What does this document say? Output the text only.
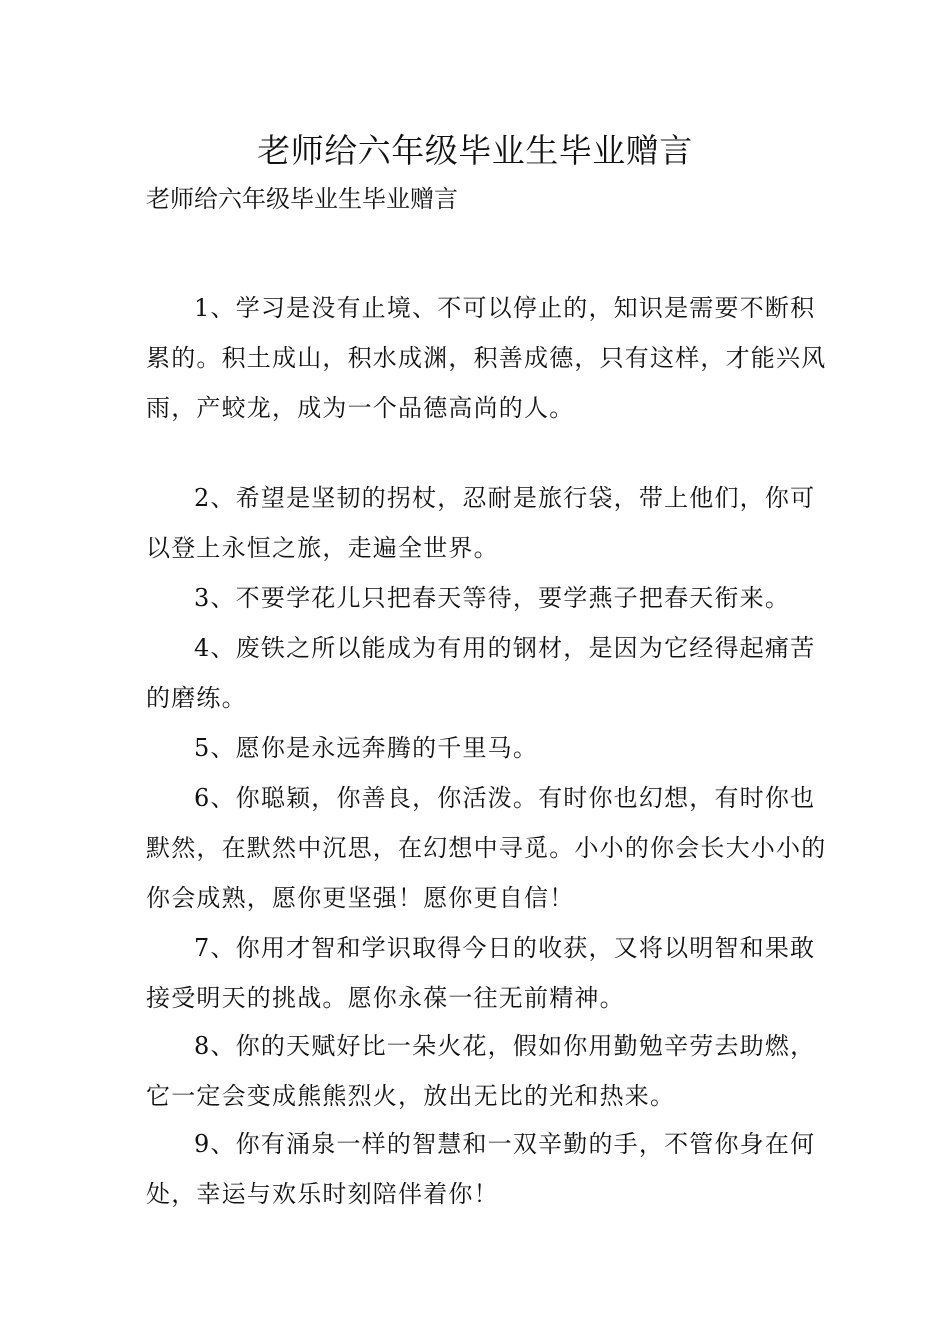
老师给六年级毕业生毕业赠言

老师给六年级毕业生毕业赠言

1、学习是没有止境、不可以停止的，知识是需要不断积累的。积土成山，积水成渊，积善成德，只有这样，才能兴风雨，产蛟龙，成为一个品德高尚的人。

2、希望是坚韧的拐杖，忍耐是旅行袋，带上他们，你可以登上永恒之旅，走遍全世界。

3、不要学花儿只把春天等待，要学燕子把春天衔来。

4、废铁之所以能成为有用的钢材，是因为它经得起痛苦的磨练。

5、愿你是永远奔腾的千里马。

6、你聪颖，你善良，你活泼。有时你也幻想，有时你也默然，在默然中沉思，在幻想中寻觅。小小的你会长大小小的你会成熟，愿你更坚强！愿你更自信！

7、你用才智和学识取得今日的收获，又将以明智和果敢接受明天的挑战。愿你永葆一往无前精神。

8、你的天赋好比一朵火花，假如你用勤勉辛劳去助燃，它一定会变成熊熊烈火，放出无比的光和热来。

9、你有涌泉一样的智慧和一双辛勤的手，不管你身在何处，幸运与欢乐时刻陪伴着你！
